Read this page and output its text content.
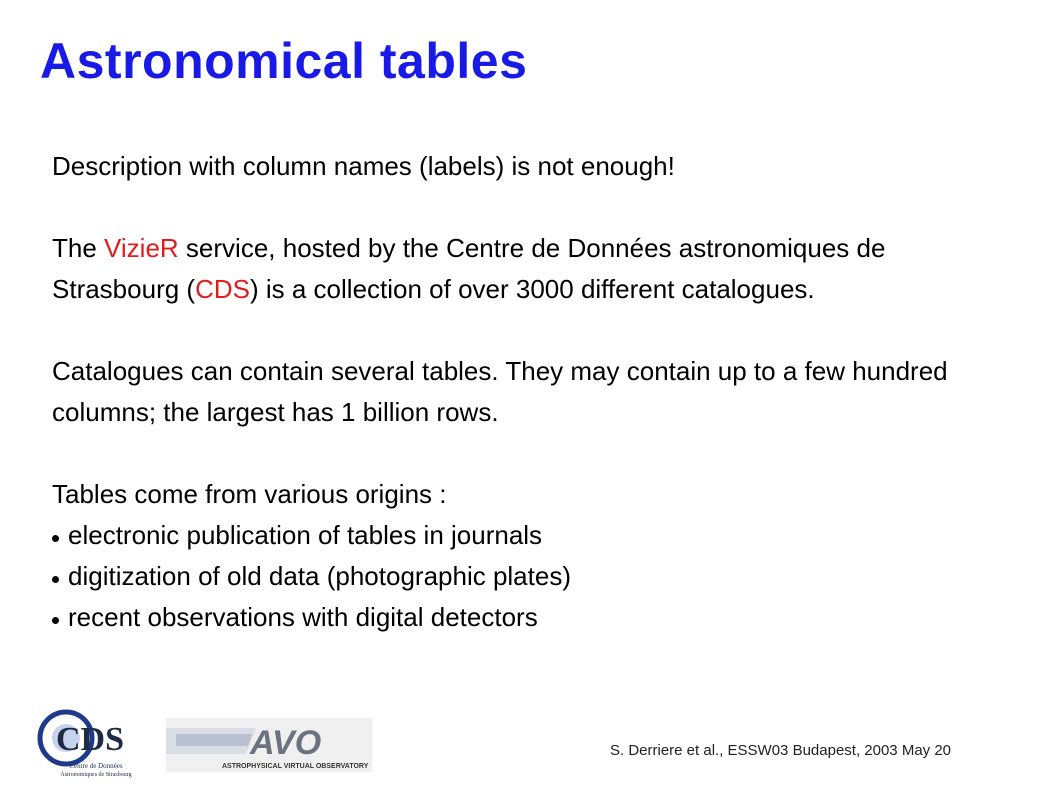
Astronomical tables

Description with column names (labels) is not enough!

The VizieR service, hosted by the Centre de Données astronomiques de Strasbourg (CDS) is a collection of over 3000 different catalogues.

Catalogues can contain several tables. They may contain up to a few hundred columns; the largest has 1 billion rows.

Tables come from various origins :

electronic publication of tables in journals
digitization of old data (photographic plates)
recent observations with digital detectors
CDS
Centre de Données
Astronomiques de Strasbourg
AVO
ASTROPHYSICAL VIRTUAL OBSERVATORY
S. Derriere et al., ESSW03 Budapest, 2003 May 20
